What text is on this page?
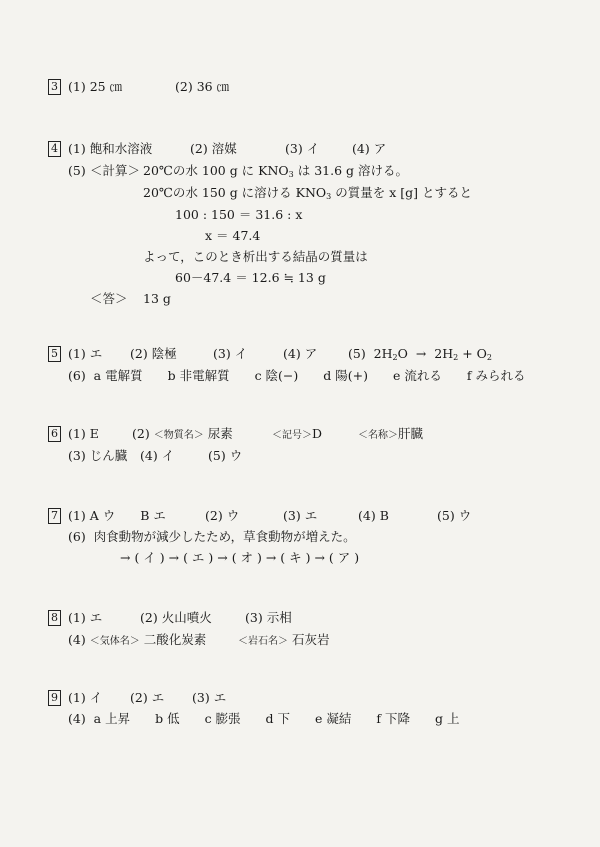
3 (1) 25 ㎝	(2) 36 ㎝
4 (1) 飽和水溶液	(2) 溶媒	(3) イ	(4) ア
(5) ＜計算＞ 20℃の水 100 g に $KNO_3$ は 31.6 g 溶ける。
20℃の水 150 g に溶ける $KNO_3$ の質量を x [g] とすると
100 : 150 ＝ 31.6 : x
x ＝ 47.4
よって，このとき析出する結晶の質量は
60－47.4 ＝ 12.6 ≒ 13 g
＜答＞ 13 g
5 (1) エ (2) 陰極	(3) イ	(4) ア (5) $2H_2O \to 2H_2 + O_2$
(6) a 電解質　　b 非電解質　　c 陰(−)　　d 陽(+)　　e 流れる　　f みられる
6 (1) E	(2) ＜物質名＞ 尿素	＜記号＞D	＜名称＞肝臓
(3) じん臓 (4) イ	(5) ウ
7 (1) A ウ　　B エ	(2) ウ	(3) エ	(4) B	(5) ウ
(6) 肉食動物が減少したため，草食動物が増えた。
→ ( イ ) → ( エ ) → ( オ ) → ( キ ) → ( ア )
8 (1) エ	(2) 火山噴火	(3) 示相
(4) ＜気体名＞ 二酸化炭素	＜岩石名＞ 石灰岩
9 (1) イ (2) エ (3) エ
(4) a 上昇　　b 低　　c 膨張　　d 下　　e 凝結　　f 下降　　g 上
